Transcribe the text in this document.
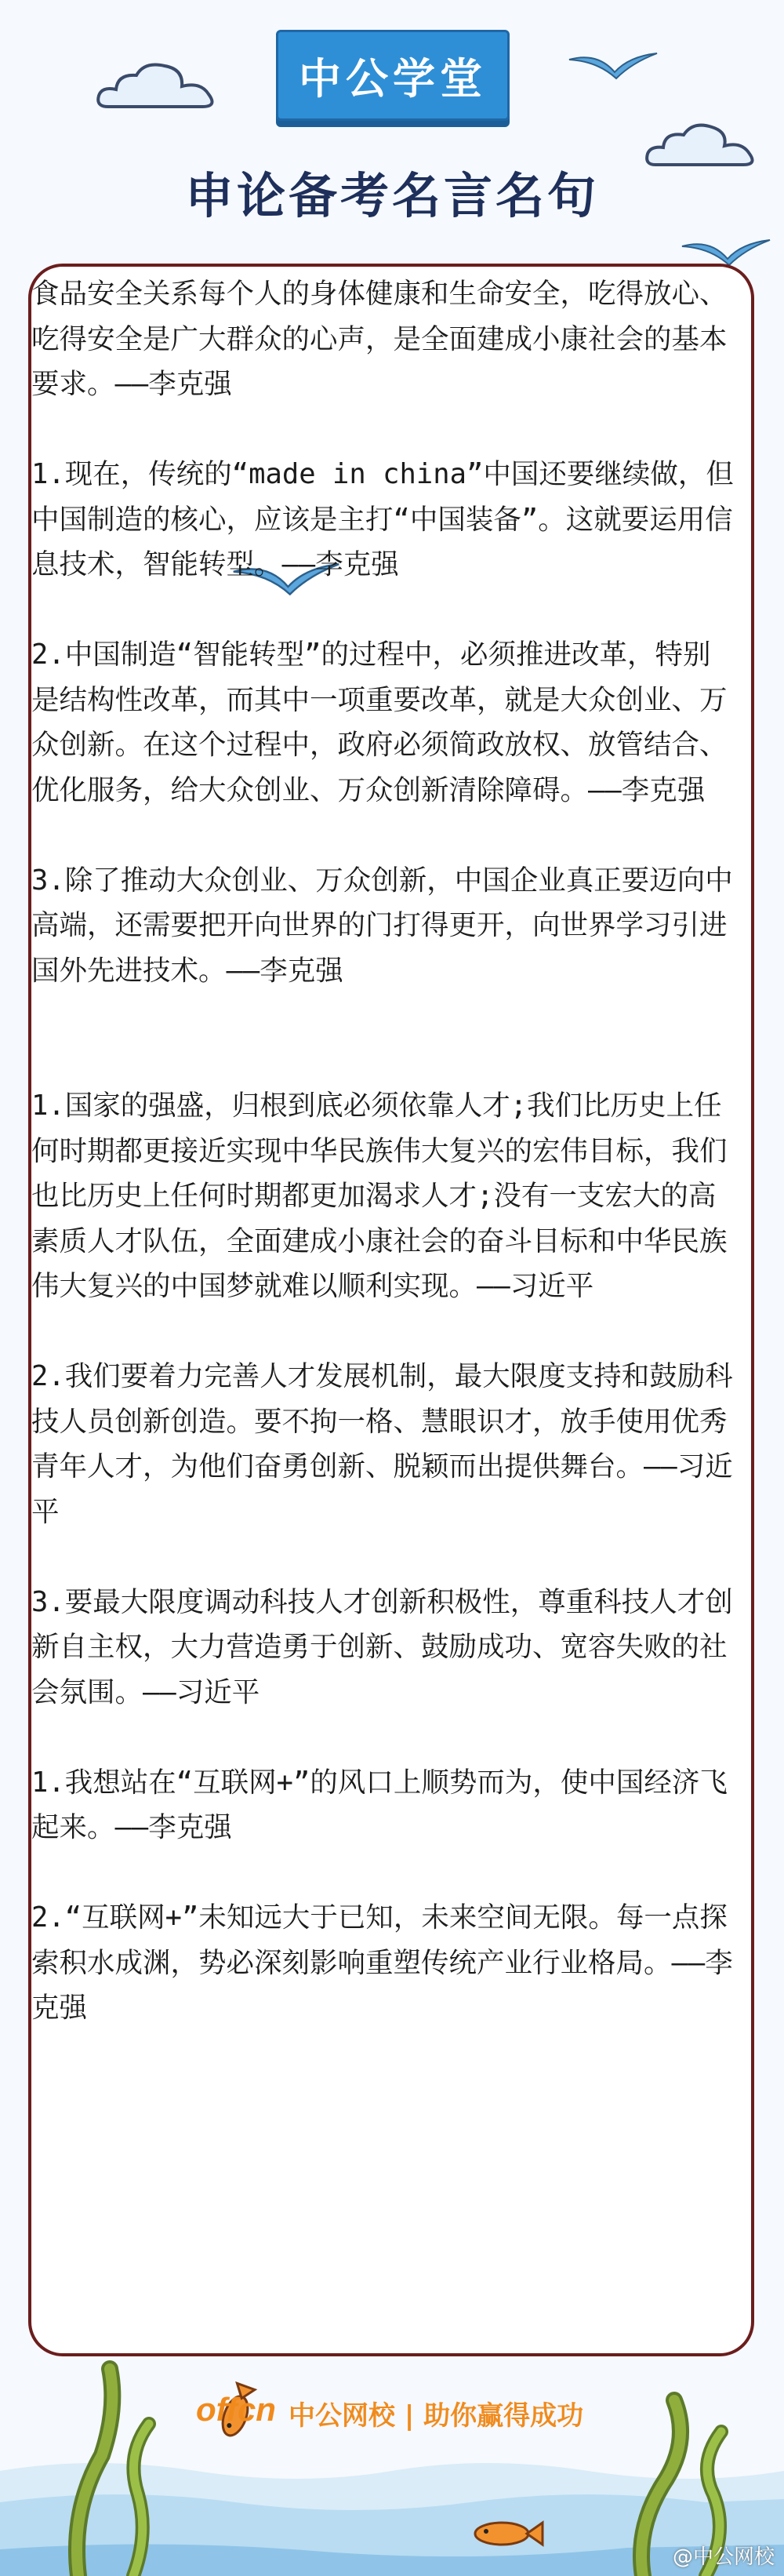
中公学堂
申论备考名言名句

食品安全关系每个人的身体健康和生命安全，吃得放心、吃得安全是广大群众的心声，是全面建成小康社会的基本要求。——李克强

1.现在，传统的“made in china”中国还要继续做，但中国制造的核心，应该是主打“中国装备”。这就要运用信息技术，智能转型。——李克强

2.中国制造“智能转型”的过程中，必须推进改革，特别是结构性改革，而其中一项重要改革，就是大众创业、万众创新。在这个过程中，政府必须简政放权、放管结合、优化服务，给大众创业、万众创新清除障碍。——李克强

3.除了推动大众创业、万众创新，中国企业真正要迈向中高端，还需要把开向世界的门打得更开，向世界学习引进国外先进技术。——李克强

1.国家的强盛，归根到底必须依靠人才;我们比历史上任何时期都更接近实现中华民族伟大复兴的宏伟目标，我们也比历史上任何时期都更加渴求人才;没有一支宏大的高素质人才队伍，全面建成小康社会的奋斗目标和中华民族伟大复兴的中国梦就难以顺利实现。——习近平

2.我们要着力完善人才发展机制，最大限度支持和鼓励科技人员创新创造。要不拘一格、慧眼识才，放手使用优秀青年人才，为他们奋勇创新、脱颖而出提供舞台。——习近平

3.要最大限度调动科技人才创新积极性，尊重科技人才创新自主权，大力营造勇于创新、鼓励成功、宽容失败的社会氛围。——习近平

1.我想站在“互联网+”的风口上顺势而为，使中国经济飞起来。——李克强

2.“互联网+”未知远大于已知，未来空间无限。每一点探索积水成渊，势必深刻影响重塑传统产业行业格局。——李克强

offcn 中公网校 | 助你赢得成功
@中公网校
